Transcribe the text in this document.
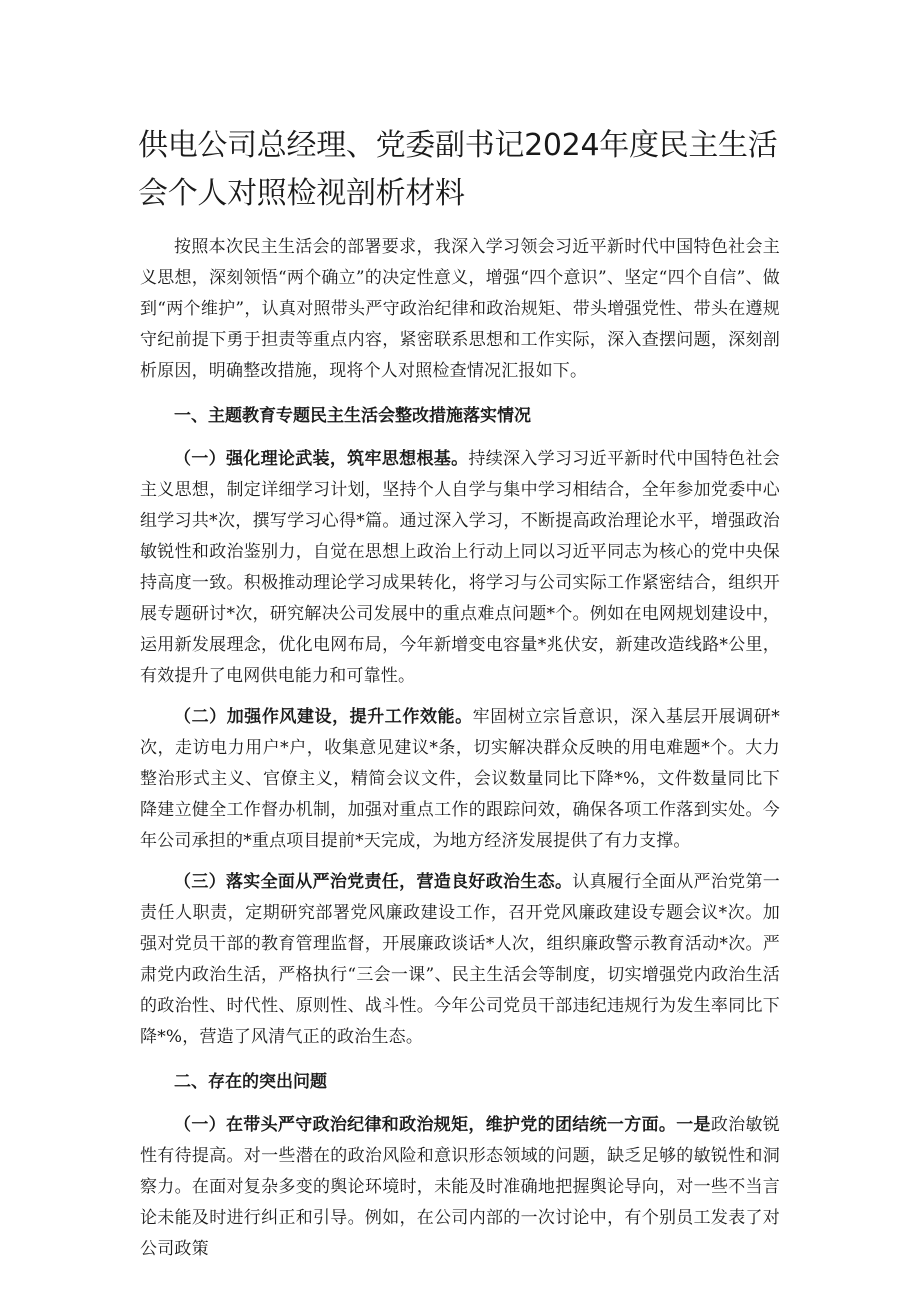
供电公司总经理、党委副书记2024年度民主生活会个人对照检视剖析材料

按照本次民主生活会的部署要求，我深入学习领会习近平新时代中国特色社会主义思想，深刻领悟“两个确立”的决定性意义，增强“四个意识”、坚定“四个自信”、做到“两个维护”，认真对照带头严守政治纪律和政治规矩、带头增强党性、带头在遵规守纪前提下勇于担责等重点内容，紧密联系思想和工作实际，深入查摆问题，深刻剖析原因，明确整改措施，现将个人对照检查情况汇报如下。

一、主题教育专题民主生活会整改措施落实情况

（一）强化理论武装，筑牢思想根基。持续深入学习习近平新时代中国特色社会主义思想，制定详细学习计划，坚持个人自学与集中学习相结合，全年参加党委中心组学习共*次，撰写学习心得*篇。通过深入学习，不断提高政治理论水平，增强政治敏锐性和政治鉴别力，自觉在思想上政治上行动上同以习近平同志为核心的党中央保持高度一致。积极推动理论学习成果转化，将学习与公司实际工作紧密结合，组织开展专题研讨*次，研究解决公司发展中的重点难点问题*个。例如在电网规划建设中，运用新发展理念，优化电网布局，今年新增变电容量*兆伏安，新建改造线路*公里，有效提升了电网供电能力和可靠性。

（二）加强作风建设，提升工作效能。牢固树立宗旨意识，深入基层开展调研*次，走访电力用户*户，收集意见建议*条，切实解决群众反映的用电难题*个。大力整治形式主义、官僚主义，精简会议文件，会议数量同比下降*%，文件数量同比下降建立健全工作督办机制，加强对重点工作的跟踪问效，确保各项工作落到实处。今年公司承担的*重点项目提前*天完成，为地方经济发展提供了有力支撑。

（三）落实全面从严治党责任，营造良好政治生态。认真履行全面从严治党第一责任人职责，定期研究部署党风廉政建设工作，召开党风廉政建设专题会议*次。加强对党员干部的教育管理监督，开展廉政谈话*人次，组织廉政警示教育活动*次。严肃党内政治生活，严格执行“三会一课”、民主生活会等制度，切实增强党内政治生活的政治性、时代性、原则性、战斗性。今年公司党员干部违纪违规行为发生率同比下降*%，营造了风清气正的政治生态。

二、存在的突出问题

（一）在带头严守政治纪律和政治规矩，维护党的团结统一方面。一是政治敏锐性有待提高。对一些潜在的政治风险和意识形态领域的问题，缺乏足够的敏锐性和洞察力。在面对复杂多变的舆论环境时，未能及时准确地把握舆论导向，对一些不当言论未能及时进行纠正和引导。例如，在公司内部的一次讨论中，有个别员工发表了对公司政策
